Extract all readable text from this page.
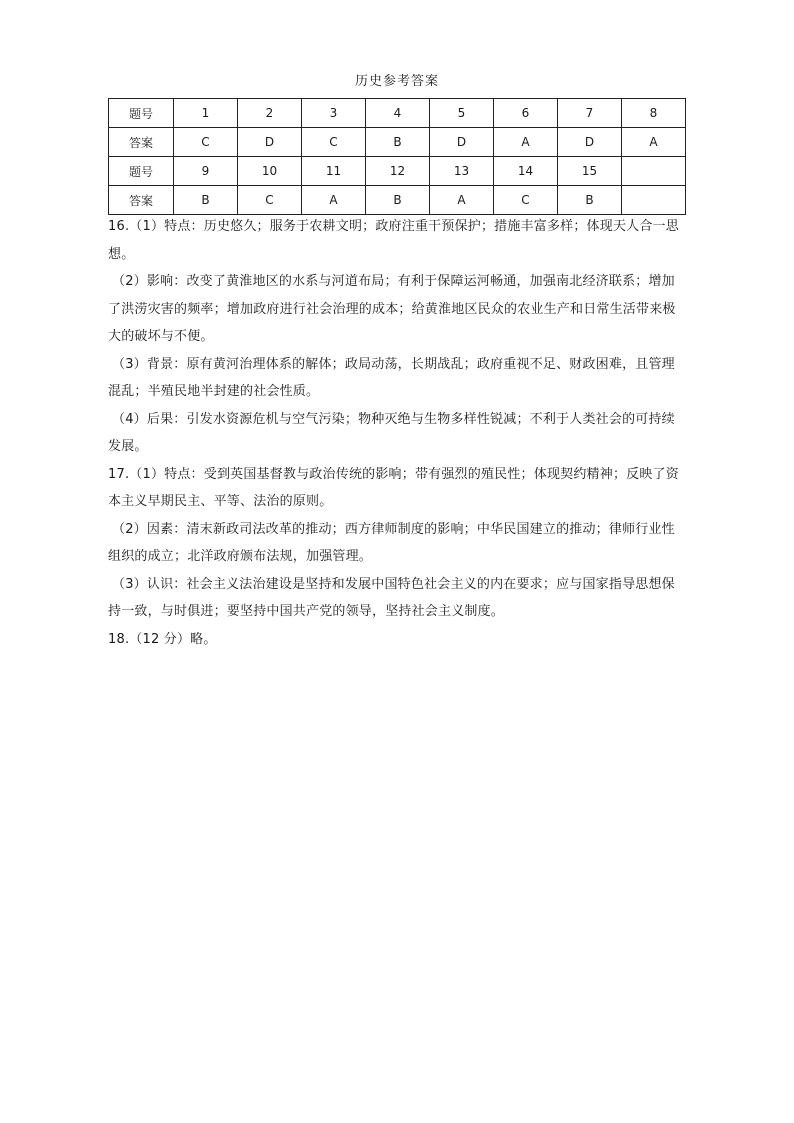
历史参考答案
题号	1	2	3	4	5	6	7	8
答案	C	D	C	B	D	A	D	A
题号	9	10	11	12	13	14	15	
答案	B	C	A	B	A	C	B	

16.（1）特点：历史悠久；服务于农耕文明；政府注重干预保护；措施丰富多样；体现天人合一思想。

（2）影响：改变了黄淮地区的水系与河道布局；有利于保障运河畅通，加强南北经济联系；增加了洪涝灾害的频率；增加政府进行社会治理的成本；给黄淮地区民众的农业生产和日常生活带来极大的破坏与不便。

（3）背景：原有黄河治理体系的解体；政局动荡，长期战乱；政府重视不足、财政困难，且管理混乱；半殖民地半封建的社会性质。

（4）后果：引发水资源危机与空气污染；物种灭绝与生物多样性锐减；不利于人类社会的可持续发展。

17.（1）特点：受到英国基督教与政治传统的影响；带有强烈的殖民性；体现契约精神；反映了资本主义早期民主、平等、法治的原则。

（2）因素：清末新政司法改革的推动；西方律师制度的影响；中华民国建立的推动；律师行业性组织的成立；北洋政府颁布法规，加强管理。

（3）认识：社会主义法治建设是坚持和发展中国特色社会主义的内在要求；应与国家指导思想保持一致，与时俱进；要坚持中国共产党的领导，坚持社会主义制度。

18.（12 分）略。
